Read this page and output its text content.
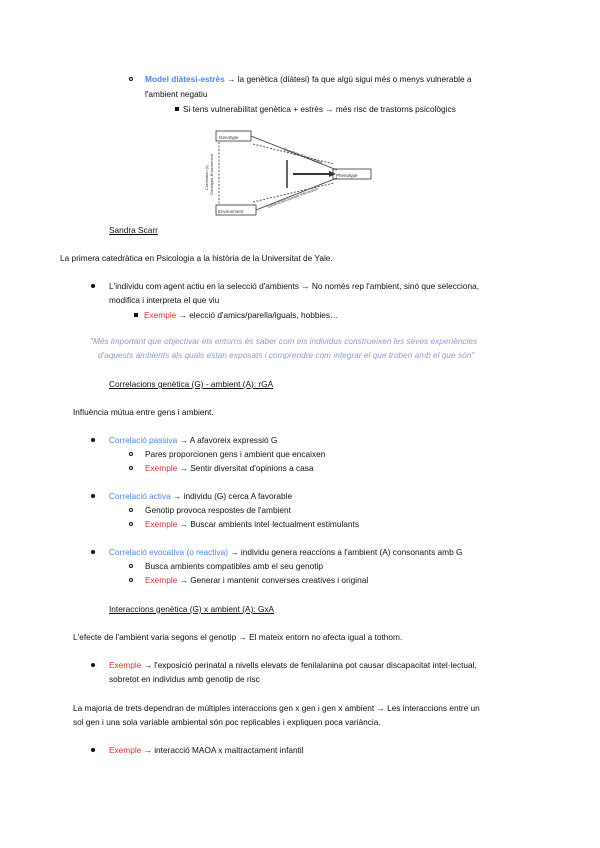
Model diàtesi-estrès → la genètica (diàtesi) fa que algú sigui més o menys vulnerable a
l'ambient negatiu
Si tens vulnerabilitat genètica + estrès → més risc de trastorns psicològics
Genotype
Environment
Phenotype
Genotype-Environment
Gene-Environment Interaction
Genotype-Environment
Correlation (r)
Sandra Scarr
La primera catedràtica en Psicologia a la història de la Universitat de Yale.
L'individu com agent actiu en la selecció d'ambients → No només rep l'ambient, sinó que selecciona,
modifica i interpreta el que viu
Exemple → elecció d'amics/parella/iguals, hobbies…
"Més important que objectivar els entorns és saber com els individus construeixen les seves experiències
d'aquests ambients als quals estan exposats i comprendre com integrar el que troben amb el que són"
Correlacions genètica (G) - ambient (A): rGA
Influència mútua entre gens i ambient.
Correlació passiva → A afavoreix expressió G
Pares proporcionen gens i ambient que encaixen
Exemple → Sentir diversitat d'opinions a casa
Correlació activa → individu (G) cerca A favorable
Genotip provoca respostes de l'ambient
Exemple → Buscar ambients intel·lectualment estimulants
Correlació evocativa (o reactiva) → individu genera reaccions a l'ambient (A) consonants amb G
Busca ambients compatibles amb el seu genotip
Exemple → Generar i mantenir converses creatives i original
Interaccions genètica (G) x ambient (A): GxA
L'efecte de l'ambient varia segons el genotip → El mateix entorn no afecta igual a tothom.
Exemple → l'exposició perinatal a nivells elevats de fenilalanina pot causar discapacitat intel·lectual,
sobretot en individus amb genotip de risc
La majoria de trets dependran de múltiples interaccions gen x gen i gen x ambient → Les interaccions entre un
sol gen i una sola variable ambiental són poc replicables i expliquen poca variància.
Exemple → interacció MAOA x maltractament infantil
